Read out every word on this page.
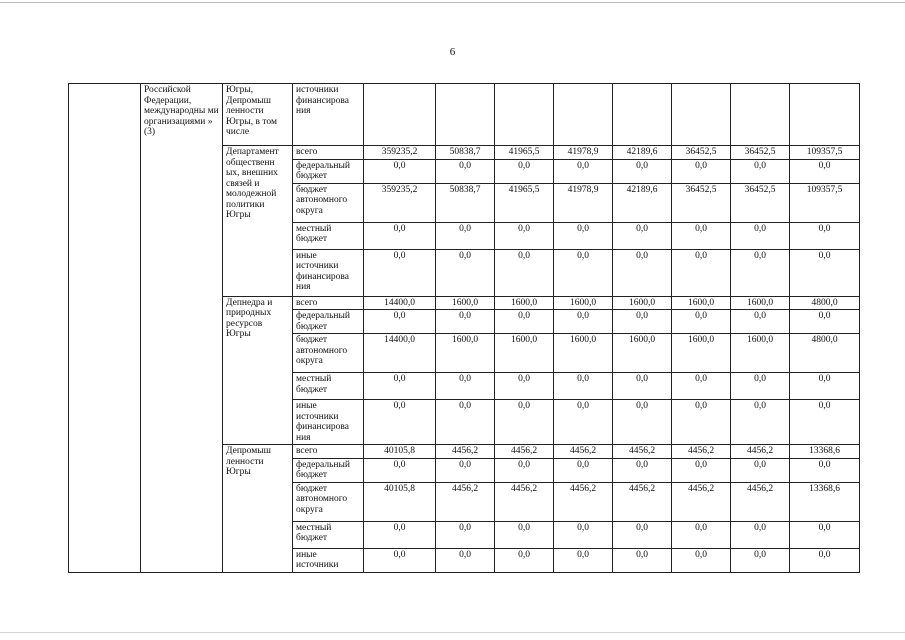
6
	Российской Федерации, международны ми организациями » (3)	Югры, Депромыш ленности Югры, в том числе	источники финансирова ния								
		Департамент общественн ых, внешних связей и молодежной политики Югры	всего	359235,2	50838,7	41965,5	41978,9	42189,6	36452,5	36452,5	109357,5
			федеральный бюджет	0,0	0,0	0,0	0,0	0,0	0,0	0,0	0,0
			бюджет автономного округа	359235,2	50838,7	41965,5	41978,9	42189,6	36452,5	36452,5	109357,5
			местный бюджет	0,0	0,0	0,0	0,0	0,0	0,0	0,0	0,0
			иные источники финансирова ния	0,0	0,0	0,0	0,0	0,0	0,0	0,0	0,0
		Депнедра и природных ресурсов Югры	всего	14400,0	1600,0	1600,0	1600,0	1600,0	1600,0	1600,0	4800,0
			федеральный бюджет	0,0	0,0	0,0	0,0	0,0	0,0	0,0	0,0
			бюджет автономного округа	14400,0	1600,0	1600,0	1600,0	1600,0	1600,0	1600,0	4800,0
			местный бюджет	0,0	0,0	0,0	0,0	0,0	0,0	0,0	0,0
			иные источники финансирова ния	0,0	0,0	0,0	0,0	0,0	0,0	0,0	0,0
		Депромыш ленности Югры	всего	40105,8	4456,2	4456,2	4456,2	4456,2	4456,2	4456,2	13368,6
			федеральный бюджет	0,0	0,0	0,0	0,0	0,0	0,0	0,0	0,0
			бюджет автономного округа	40105,8	4456,2	4456,2	4456,2	4456,2	4456,2	4456,2	13368,6
			местный бюджет	0,0	0,0	0,0	0,0	0,0	0,0	0,0	0,0
			иные источники	0,0	0,0	0,0	0,0	0,0	0,0	0,0	0,0
